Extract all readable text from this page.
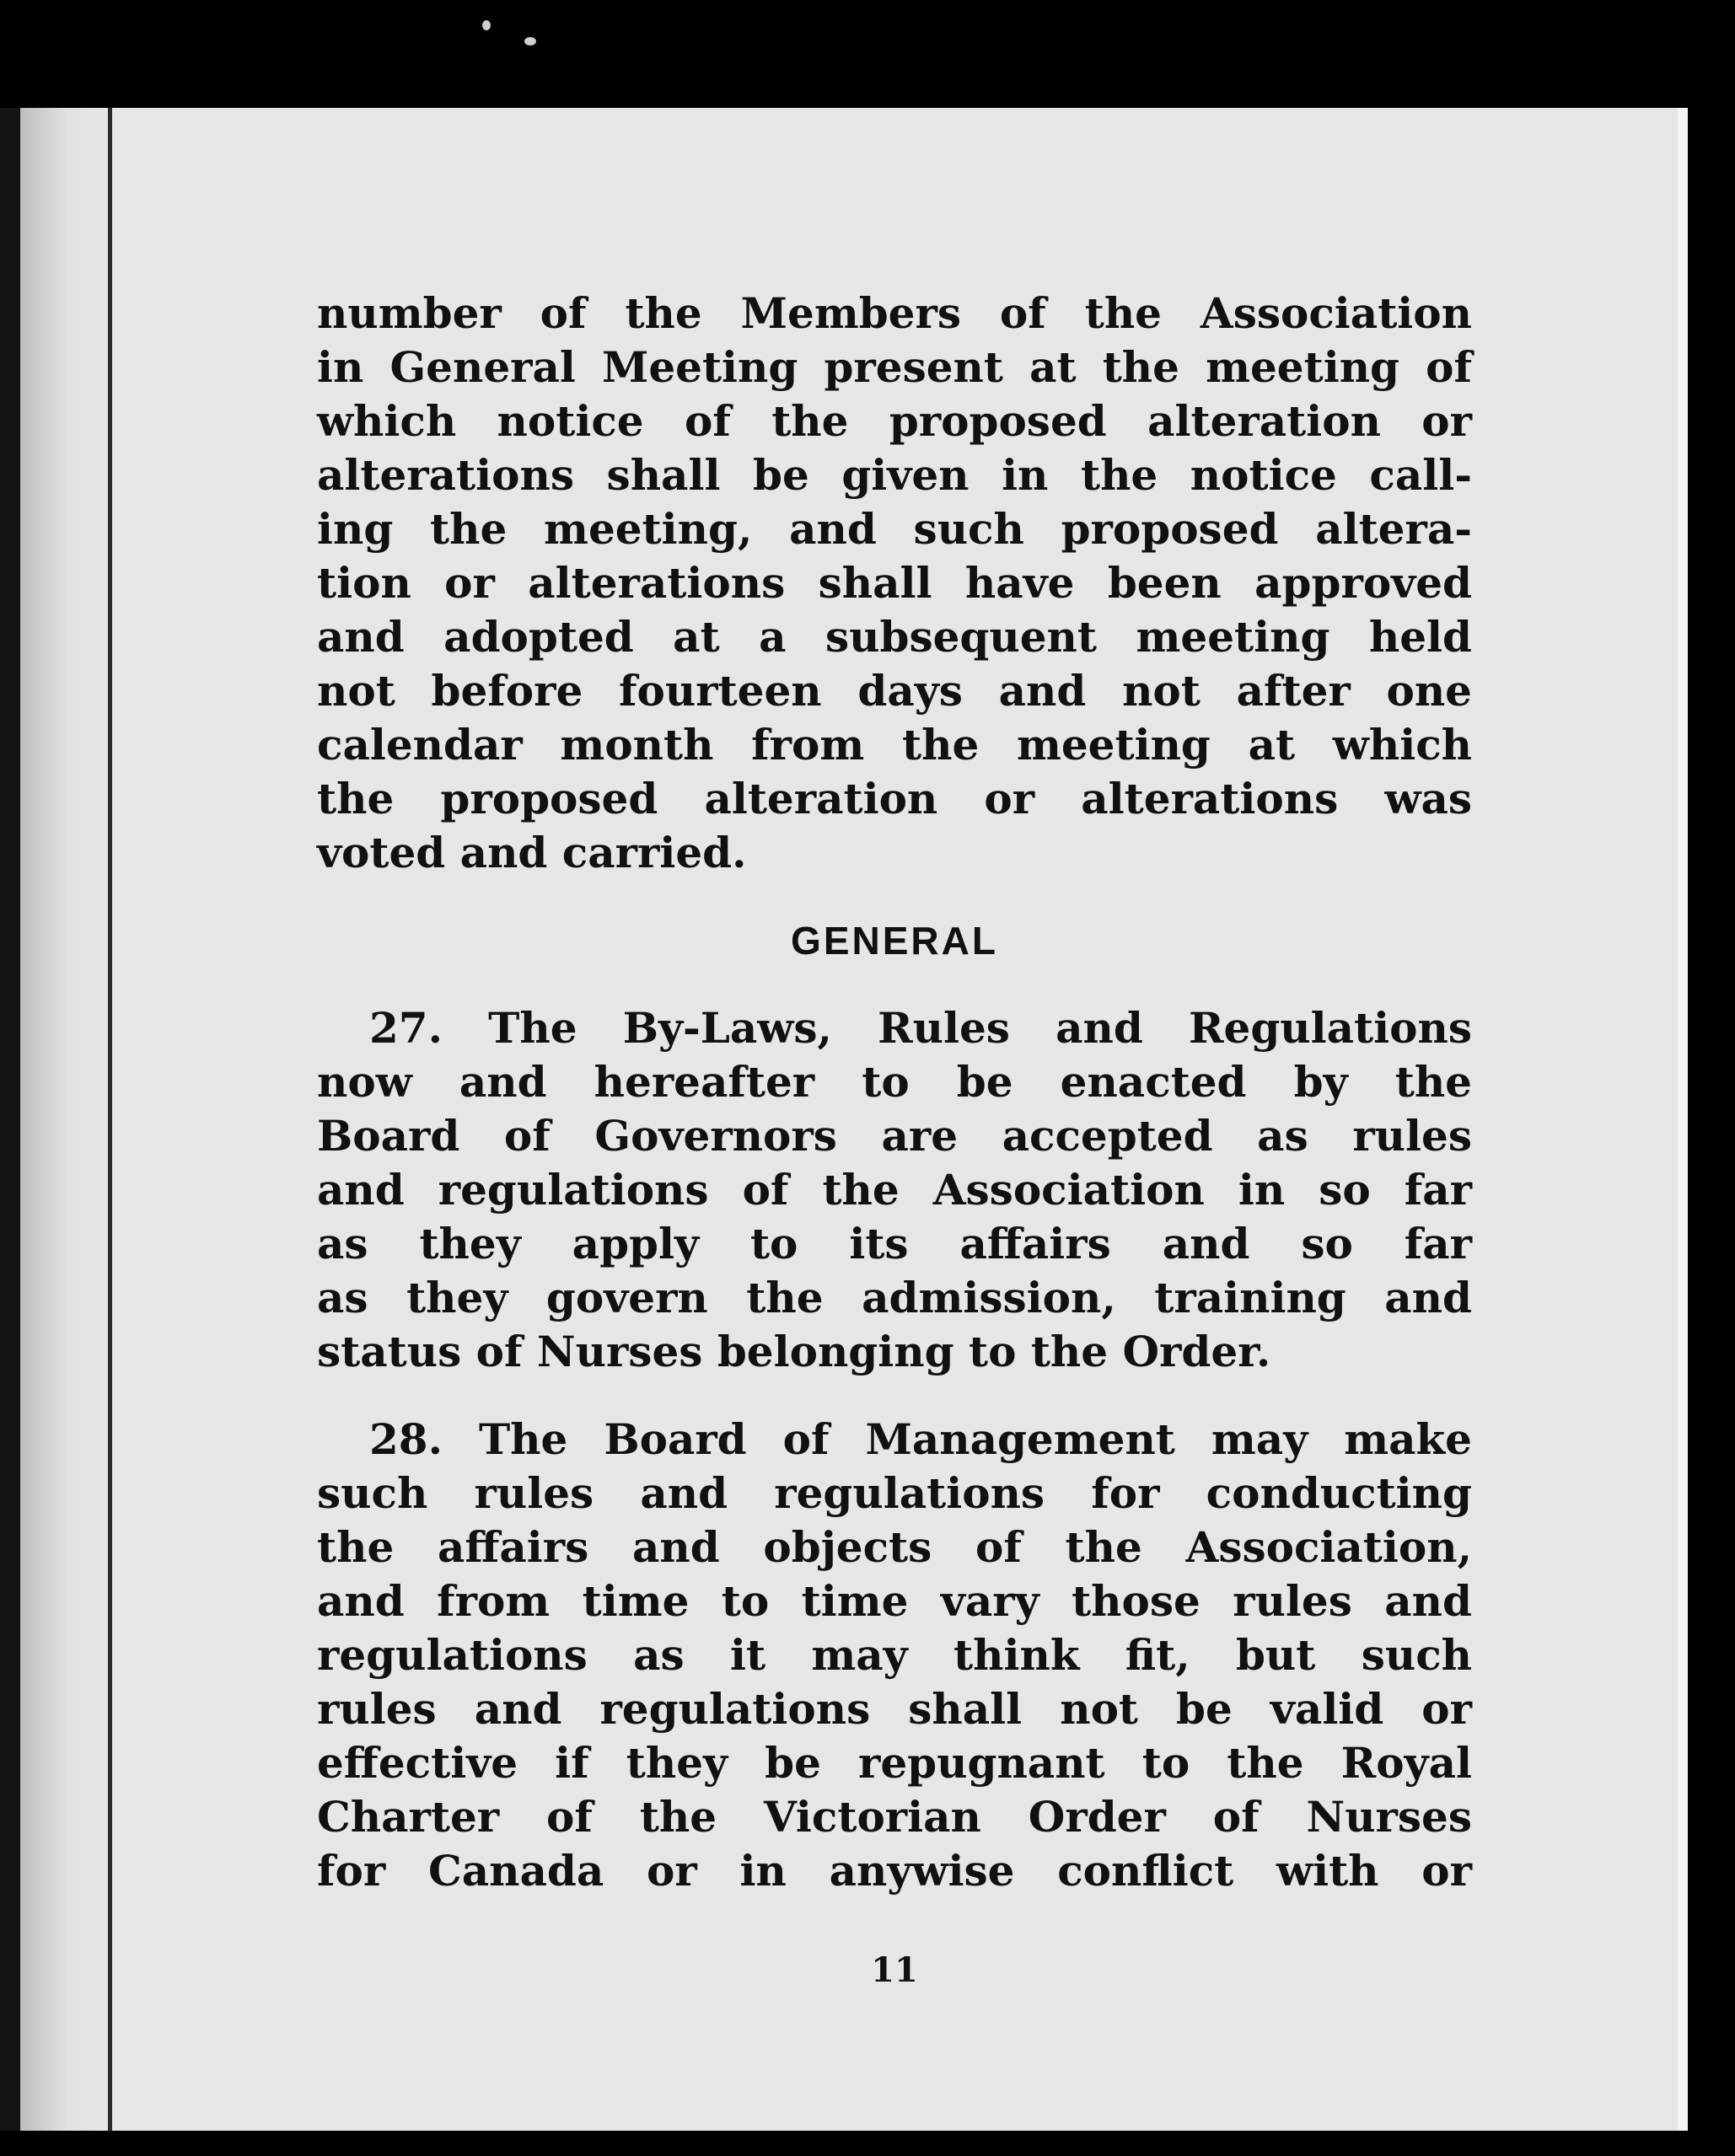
number of the Members of the Association

in General Meeting present at the meeting of

which notice of the proposed alteration or

alterations shall be given in the notice call-

ing the meeting, and such proposed altera-

tion or alterations shall have been approved

and adopted at a subsequent meeting held

not before fourteen days and not after one

calendar month from the meeting at which

the proposed alteration or alterations was

voted and carried.

GENERAL

27. The By-Laws, Rules and Regulations

now and hereafter to be enacted by the

Board of Governors are accepted as rules

and regulations of the Association in so far

as they apply to its affairs and so far

as they govern the admission, training and

status of Nurses belonging to the Order.

28. The Board of Management may make

such rules and regulations for conducting

the affairs and objects of the Association,

and from time to time vary those rules and

regulations as it may think fit, but such

rules and regulations shall not be valid or

effective if they be repugnant to the Royal

Charter of the Victorian Order of Nurses

for Canada or in anywise conflict with or

11
